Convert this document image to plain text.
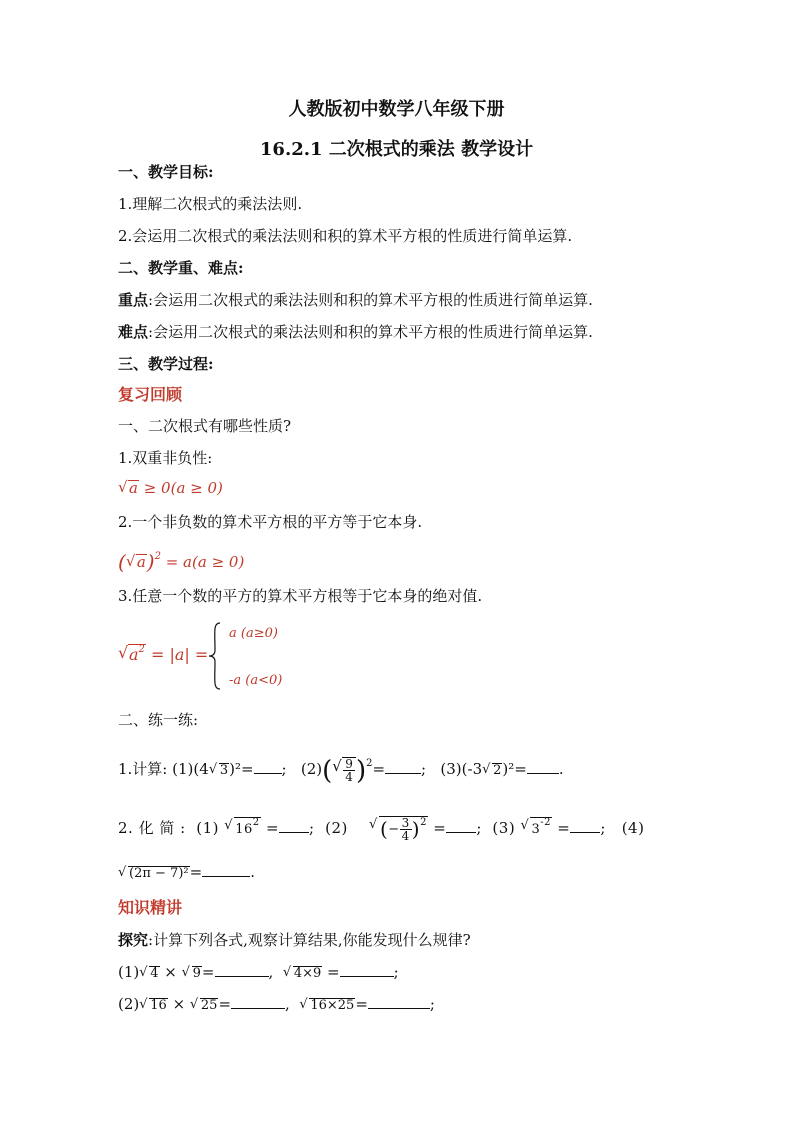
人教版初中数学八年级下册
16.2.1 二次根式的乘法 教学设计
一、教学目标:
1.理解二次根式的乘法法则.
2.会运用二次根式的乘法法则和积的算术平方根的性质进行简单运算.
二、教学重、难点:
重点:会运用二次根式的乘法法则和积的算术平方根的性质进行简单运算.
难点:会运用二次根式的乘法法则和积的算术平方根的性质进行简单运算.
三、教学过程:
复习回顾
一、二次根式有哪些性质?
1.双重非负性:
√ a ≥ 0(a ≥ 0)
2.一个非负数的算术平方根的平方等于它本身.
( √ a)$^2$ = a(a ≥ 0)
3.任意一个数的平方的算术平方根等于它本身的绝对值.
√ $a^2 = |a|$ =
a (a≥0)
-a (a<0)
二、练一练:
1.计算: (1)(4 √ 3)²= ;   (2)( √ $\frac{9}{4} )^2=$ ;   (3)(-3 √ 2)²= .
2. 化 简 : (1) √ $16^2$ = ;  (2) √ (− $\frac{3}{4} )^2$ = ;  (3) √ $3^{-2}$ = ;   (4)
√ (2π − 7)²=	.
知识精讲
探究:计算下列各式,观察计算结果,你能发现什么规律?
(1) √ 4 × √ 9=	,  √ 4×9 =	;
(2) √ 16 × √ 25=	,  √ 16×25=	;
